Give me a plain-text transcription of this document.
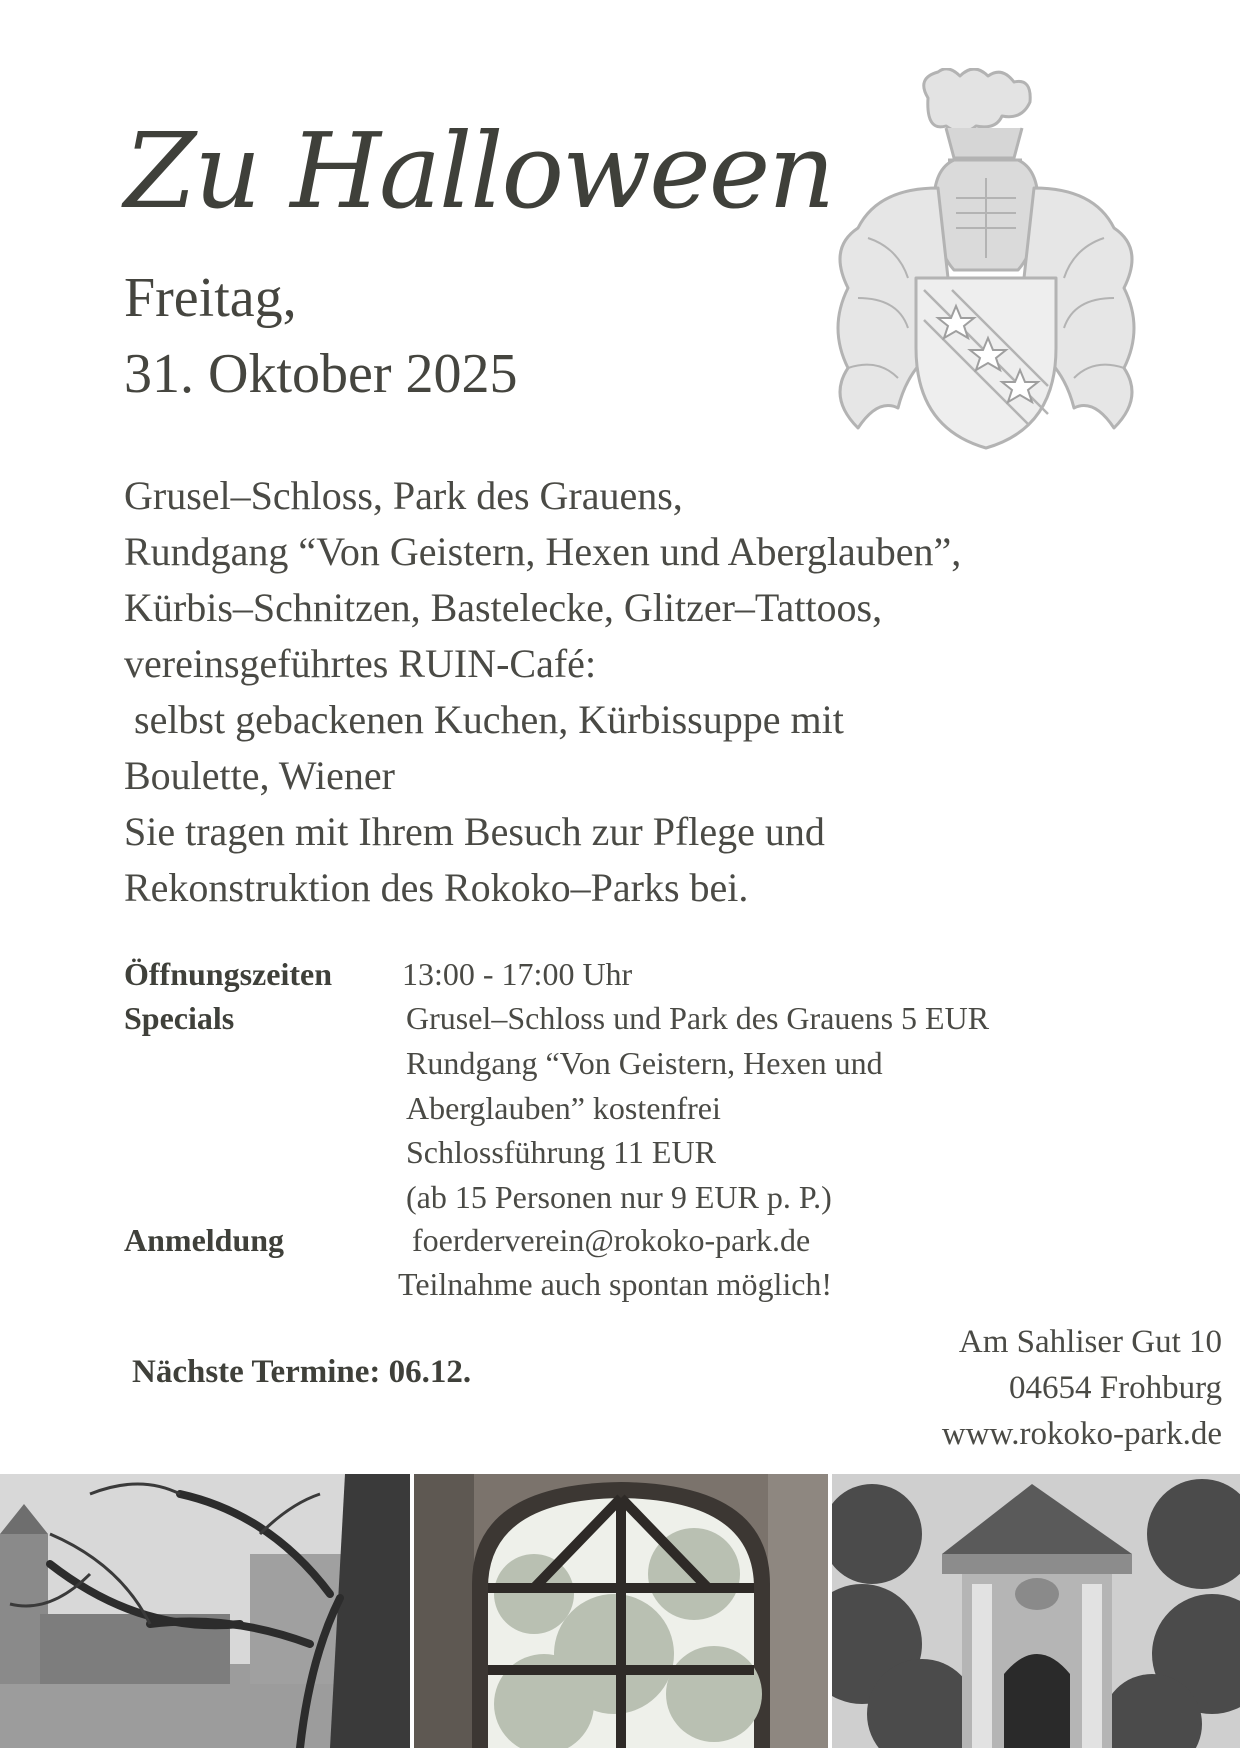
Zu Halloween
Freitag,
31. Oktober 2025
Grusel–Schloss, Park des Grauens,
Rundgang “Von Geistern, Hexen und Aberglauben”,
Kürbis–Schnitzen, Bastelecke, Glitzer–Tattoos,
vereinsgeführtes RUIN-Café:
selbst gebackenen Kuchen, Kürbissuppe mit
Boulette, Wiener
Sie tragen mit Ihrem Besuch zur Pflege und
Rekonstruktion des Rokoko–Parks bei.
Öffnungszeiten 13:00 - 17:00 Uhr
Specials	Grusel–Schloss und Park des Grauens 5 EUR
Rundgang “Von Geistern, Hexen und
Aberglauben” kostenfrei
Schlossführung 11 EUR
(ab 15 Personen nur 9 EUR p. P.)
Anmeldung	foerderverein@rokoko-park.de
Teilnahme auch spontan möglich!
Nächste Termine: 06.12.
Am Sahliser Gut 10
04654 Frohburg
www.rokoko-park.de
